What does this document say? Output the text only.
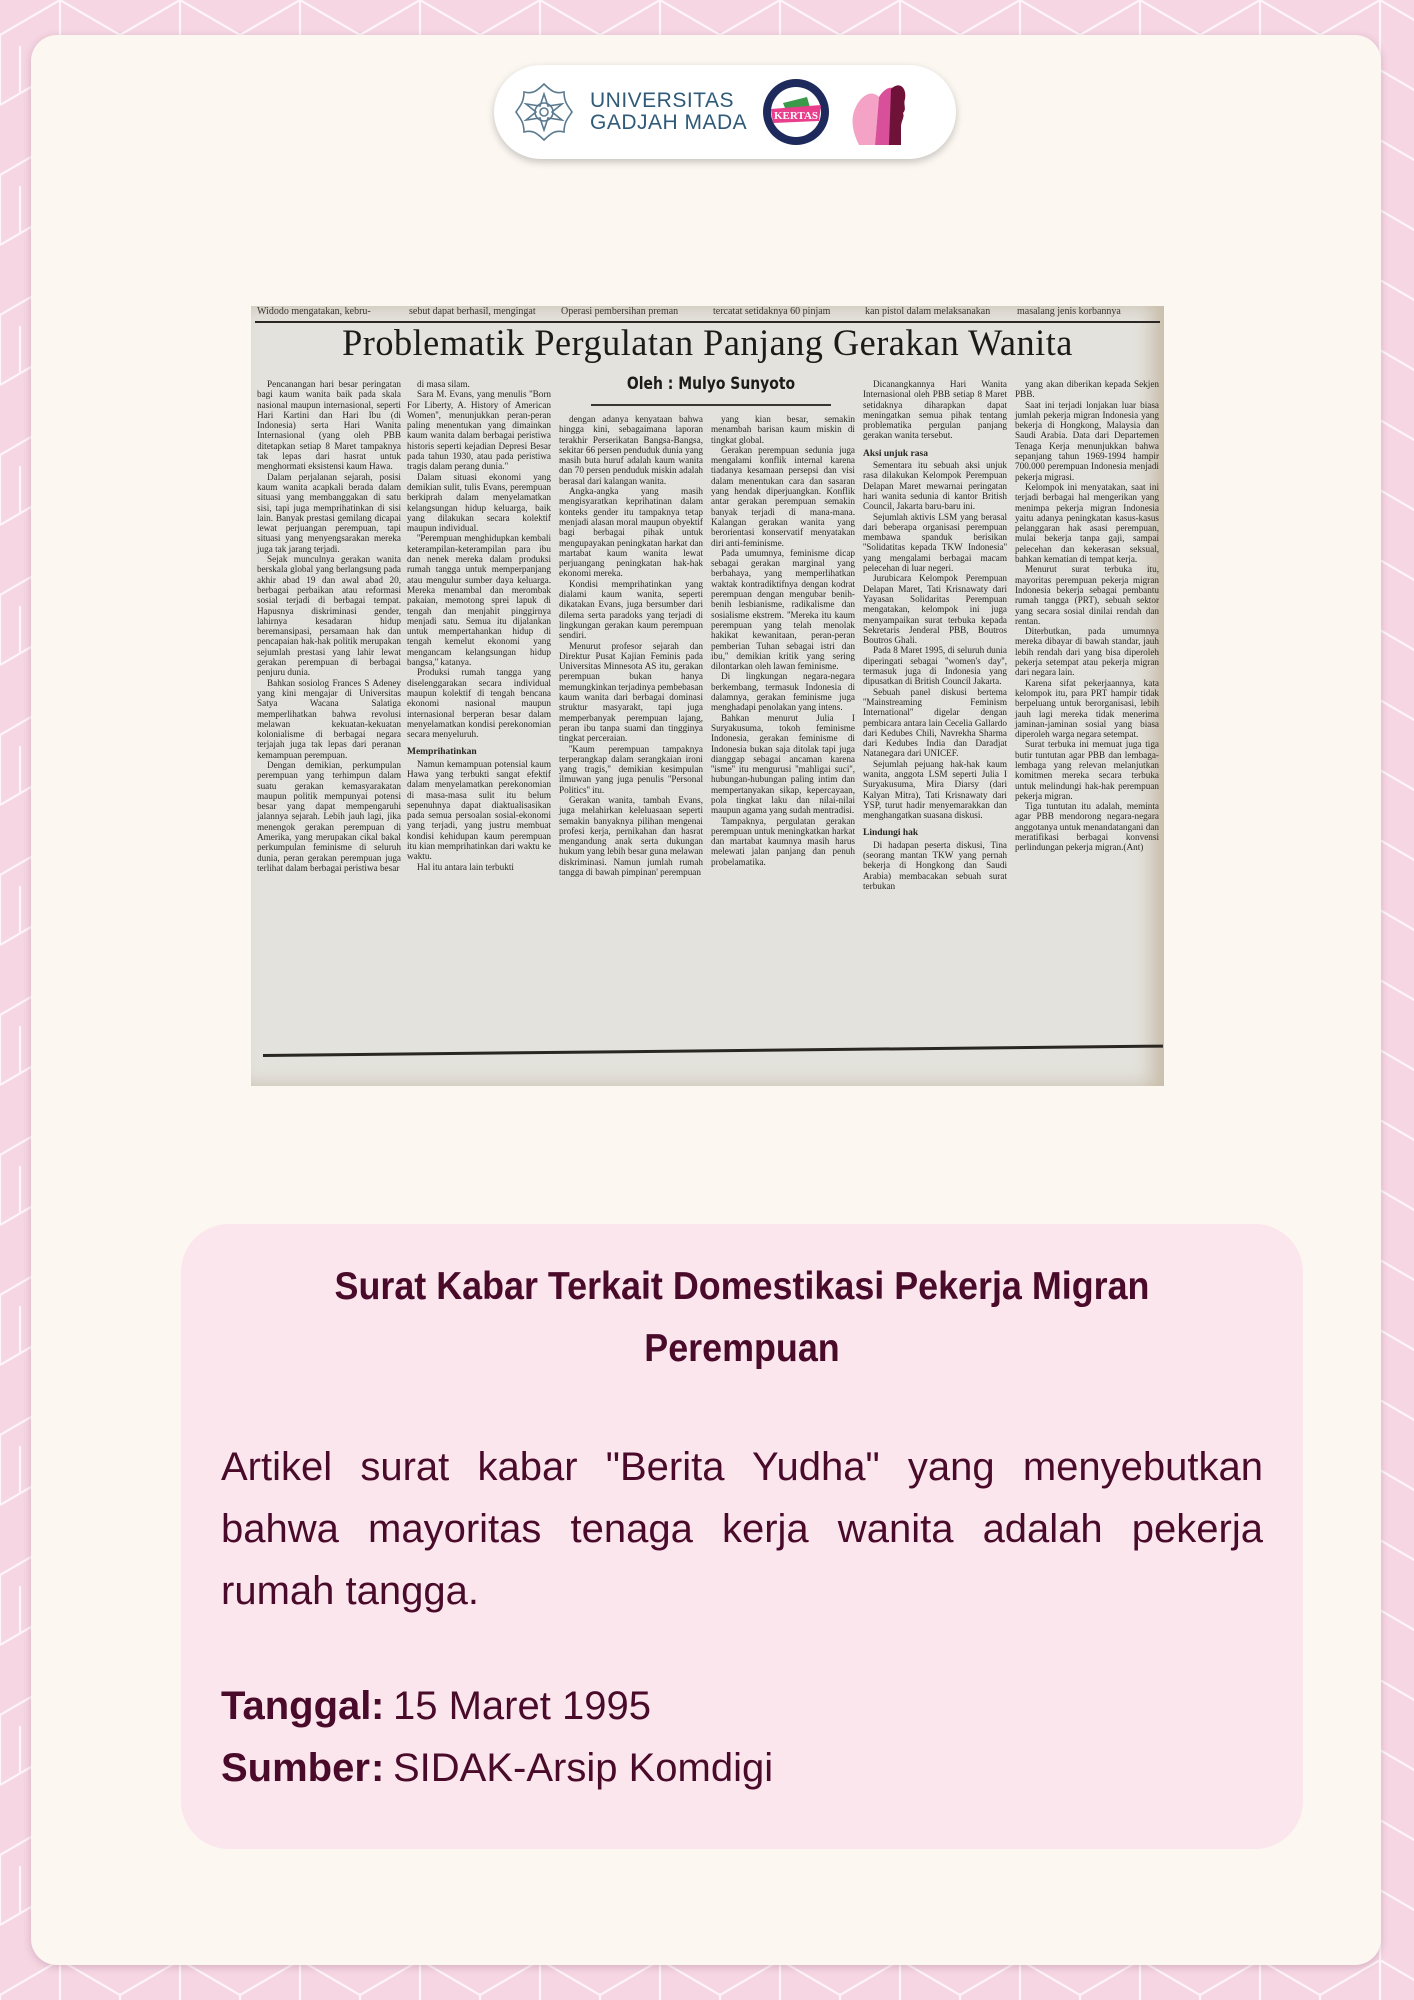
UNIVERSITAS
GADJAH MADA KERTAS
Widodo mengatakan, kebru-	sebut dapat berhasil, mengingat	Operasi pembersihan preman	tercatat setidaknya 60 pinjam	kan pistol dalam melaksanakan	masalang jenis korbannya
Problematik Pergulatan Panjang Gerakan Wanita
Oleh : Mulyo Sunyoto

Pencanangan hari besar peringatan bagi kaum wanita baik pada skala nasional maupun internasional, seperti Hari Kartini dan Hari Ibu (di Indonesia) serta Hari Wanita Internasional (yang oleh PBB ditetapkan setiap 8 Maret tampaknya tak lepas dari hasrat untuk menghormati eksistensi kaum Hawa.

Dalam perjalanan sejarah, posisi kaum wanita acapkali berada dalam situasi yang membanggakan di satu sisi, tapi juga memprihatinkan di sisi lain. Banyak prestasi gemilang dicapai lewat perjuangan perempuan, tapi situasi yang menyengsarakan mereka juga tak jarang terjadi.

Sejak munculnya gerakan wanita berskala global yang berlangsung pada akhir abad 19 dan awal abad 20, berbagai perbaikan atau reformasi sosial terjadi di berbagai tempat. Hapusnya diskriminasi gender, lahirnya kesadaran hidup beremansipasi, persamaan hak dan pencapaian hak-hak politik merupakan sejumlah prestasi yang lahir lewat gerakan perempuan di berbagai penjuru dunia.

Bahkan sosiolog Frances S Adeney yang kini mengajar di Universitas Satya Wacana Salatiga memperlihatkan bahwa revolusi melawan kekuatan-kekuatan kolonialisme di berbagai negara terjajah juga tak lepas dari peranan kemampuan perempuan.

Dengan demikian, perkumpulan perempuan yang terhimpun dalam suatu gerakan kemasyarakatan maupun politik mempunyai potensi besar yang dapat mempengaruhi jalannya sejarah. Lebih jauh lagi, jika menengok gerakan perempuan di Amerika, yang merupakan cikal bakal perkumpulan feminisme di seluruh dunia, peran gerakan perempuan juga terlihat dalam berbagai peristiwa besar

di masa silam.

Sara M. Evans, yang menulis ''Born For Liberty, A. History of American Women'', menunjukkan peran-peran paling menentukan yang dimainkan kaum wanita dalam berbagai peristiwa historis seperti kejadian Depresi Besar pada tahun 1930, atau pada peristiwa tragis dalam perang dunia."

Dalam situasi ekonomi yang demikian sulit, tulis Evans, perempuan berkiprah dalam menyelamatkan kelangsungan hidup keluarga, baik yang dilakukan secara kolektif maupun individual.

''Perempuan menghidupkan kembali keterampilan-keterampilan para ibu dan nenek mereka dalam produksi rumah tangga untuk memperpanjang atau mengulur sumber daya keluarga. Mereka menambal dan merombak pakaian, memotong sprei lapuk di tengah dan menjahit pinggirnya menjadi satu. Semua itu dijalankan untuk mempertahankan hidup di tengah kemelut ekonomi yang mengancam kelangsungan hidup bangsa,'' katanya.

Produksi rumah tangga yang diselenggarakan secara individual maupun kolektif di tengah bencana ekonomi nasional maupun internasional berperan besar dalam menyelamatkan kondisi perekonomian secara menyeluruh.

Memprihatinkan

Namun kemampuan potensial kaum Hawa yang terbukti sangat efektif dalam menyelamatkan perekonomian di masa-masa sulit itu belum sepenuhnya dapat diaktualisasikan pada semua persoalan sosial-ekonomi yang terjadi, yang justru membuat kondisi kehidupan kaum perempuan itu kian memprihatinkan dari waktu ke waktu.

Hal itu antara lain terbukti

dengan adanya kenyataan bahwa hingga kini, sebagaimana laporan terakhir Perserikatan Bangsa-Bangsa, sekitar 66 persen penduduk dunia yang masih buta huruf adalah kaum wanita dan 70 persen penduduk miskin adalah berasal dari kalangan wanita.

Angka-angka yang masih mengisyaratkan keprihatinan dalam konteks gender itu tampaknya tetap menjadi alasan moral maupun obyektif bagi berbagai pihak untuk mengupayakan peningkatan harkat dan martabat kaum wanita lewat perjuangang peningkatan hak-hak ekonomi mereka.

Kondisi memprihatinkan yang dialami kaum wanita, seperti dikatakan Evans, juga bersumber dari dilema serta paradoks yang terjadi di lingkungan gerakan kaum perempuan sendiri.

Menurut profesor sejarah dan Direktur Pusat Kajian Feminis pada Universitas Minnesota AS itu, gerakan perempuan bukan hanya memungkinkan terjadinya pembebasan kaum wanita dari berbagai dominasi struktur masyarakt, tapi juga memperbanyak perempuan lajang, peran ibu tanpa suami dan tingginya tingkat perceraian.

''Kaum perempuan tampaknya terperangkap dalam serangkaian ironi yang tragis,'' demikian kesimpulan ilmuwan yang juga penulis ''Personal Politics'' itu.

Gerakan wanita, tambah Evans, juga melahirkan keleluasaan seperti semakin banyaknya pilihan mengenai profesi kerja, pernikahan dan hasrat mengandung anak serta dukungan hukum yang lebih besar guna melawan diskriminasi. Namun jumlah rumah tangga di bawah pimpinan' perempuan

yang kian besar, semakin menambah barisan kaum miskin di tingkat global.

Gerakan perempuan sedunia juga mengalami konflik internal karena tiadanya kesamaan persepsi dan visi dalam menentukan cara dan sasaran yang hendak diperjuangkan. Konflik antar gerakan perempuan semakin banyak terjadi di mana-mana. Kalangan gerakan wanita yang berorientasi konservatif menyatakan diri anti-feminisme.

Pada umumnya, feminisme dicap sebagai gerakan marginal yang berbahaya, yang memperlihatkan waktak kontradiktifnya dengan kodrat perempuan dengan mengubar benih-benih lesbianisme, radikalisme dan sosialisme ekstrem. ''Mereka itu kaum perempuan yang telah menolak hakikat kewanitaan, peran-peran pemberian Tuhan sebagai istri dan ibu,'' demikian kritik yang sering dilontarkan oleh lawan feminisme.

Di lingkungan negara-negara berkembang, termasuk Indonesia di dalamnya, gerakan feminisme juga menghadapi penolakan yang intens.

Bahkan menurut Julia I Suryakusuma, tokoh feminisme Indonesia, gerakan feminisme di Indonesia bukan saja ditolak tapi juga dianggap sebagai ancaman karena ''isme'' itu mengurusi ''mahligai suci'', hubungan-hubungan paling intim dan mempertanyakan sikap, kepercayaan, pola tingkat laku dan nilai-nilai maupun agama yang sudah mentradisi.

Tampaknya, pergulatan gerakan perempuan untuk meningkatkan harkat dan martabat kaumnya masih harus melewati jalan panjang dan penuh probelamatika.

Dicanangkannya Hari Wanita Internasional oleh PBB setiap 8 Maret setidaknya diharapkan dapat meningatkan semua pihak tentang problematika pergulan panjang gerakan wanita tersebut.

Aksi unjuk rasa

Sementara itu sebuah aksi unjuk rasa dilakukan Kelompok Perempuan Delapan Maret mewarnai peringatan hari wanita sedunia di kantor British Council, Jakarta baru-baru ini.

Sejumlah aktivis LSM yang berasal dari beberapa organisasi perempuan membawa spanduk berisikan ''Solidatitas kepada TKW Indonesia'' yang mengalami berbagai macam pelecehan di luar negeri.

Jurubicara Kelompok Perempuan Delapan Maret, Tati Krisnawaty dari Yayasan Solidaritas Perempuan mengatakan, kelompok ini juga menyampaikan surat terbuka kepada Sekretaris Jenderal PBB, Boutros Boutros Ghali.

Pada 8 Maret 1995, di seluruh dunia diperingati sebagai ''women's day'', termasuk juga di Indonesia yang dipusatkan di British Council Jakarta.

Sebuah panel diskusi bertema ''Mainstreaming Feminism International'' digelar dengan pembicara antara lain Cecelia Gallardo dari Kedubes Chili, Navrekha Sharma dari Kedubes India dan Daradjat Natanegara dari UNICEF.

Sejumlah pejuang hak-hak kaum wanita, anggota LSM seperti Julia I Suryakusuma, Mira Diarsy (dari Kalyan Mitra), Tati Krisnawaty dari YSP, turut hadir menyemarakkan dan menghangatkan suasana diskusi.

Lindungi hak

Di hadapan peserta diskusi, Tina (seorang mantan TKW yang pernah bekerja di Hongkong dan Saudi Arabia) membacakan sebuah surat terbukan

yang akan diberikan kepada Sekjen PBB.

Saat ini terjadi lonjakan luar biasa jumlah pekerja migran Indonesia yang bekerja di Hongkong, Malaysia dan Saudi Arabia. Data dari Departemen Tenaga Kerja menunjukkan bahwa sepanjang tahun 1969-1994 hampir 700.000 perempuan Indonesia menjadi pekerja migrasi.

Kelompok ini menyatakan, saat ini terjadi berbagai hal mengerikan yang menimpa pekerja migran Indonesia yaitu adanya peningkatan kasus-kasus pelanggaran hak asasi perempuan, mulai bekerja tanpa gaji, sampai pelecehan dan kekerasan seksual, bahkan kematian di tempat kerja.

Menurut surat terbuka itu, mayoritas perempuan pekerja migran Indonesia bekerja sebagai pembantu rumah tangga (PRT), sebuah sektor yang secara sosial dinilai rendah dan rentan.

Diterbutkan, pada umumnya mereka dibayar di bawah standar, jauh lebih rendah dari yang bisa diperoleh pekerja setempat atau pekerja migran dari negara lain.

Karena sifat pekerjaannya, kata kelompok itu, para PRT hampir tidak berpeluang untuk berorganisasi, lebih jauh lagi mereka tidak menerima jaminan-jaminan sosial yang biasa diperoleh warga negara setempat.

Surat terbuka ini memuat juga tiga butir tuntutan agar PBB dan lembaga-lembaga yang relevan melanjutkan komitmen mereka secara terbuka untuk melindungi hak-hak perempuan pekerja migran.

Tiga tuntutan itu adalah, meminta agar PBB mendorong negara-negara anggotanya untuk menandatangani dan meratifikasi berbagai konvensi perlindungan pekerja migran.(Ant)

Surat Kabar Terkait Domestikasi Pekerja Migran Perempuan
Artikel surat kabar "Berita Yudha" yang menyebutkan bahwa mayoritas tenaga kerja wanita adalah pekerja rumah tangga.
Tanggal : 15 Maret 1995
Sumber : SIDAK-Arsip Komdigi
